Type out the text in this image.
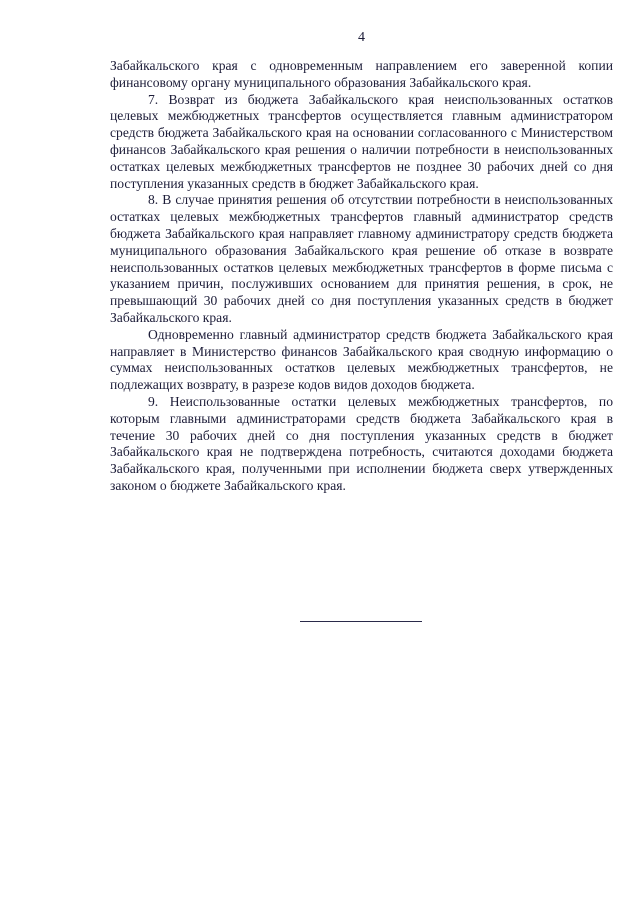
4

Забайкальского края с одновременным направлением его заверенной копии финансовому органу муниципального образования Забайкальского края.

7. Возврат из бюджета Забайкальского края неиспользованных остатков целевых межбюджетных трансфертов осуществляется главным администратором средств бюджета Забайкальского края на основании согласованного с Министерством финансов Забайкальского края решения о наличии потребности в неиспользованных остатках целевых межбюджетных трансфертов не позднее 30 рабочих дней со дня поступления указанных средств в бюджет Забайкальского края.

8. В случае принятия решения об отсутствии потребности в неиспользованных остатках целевых межбюджетных трансфертов главный администратор средств бюджета Забайкальского края направляет главному администратору средств бюджета муниципального образования Забайкальского края решение об отказе в возврате неиспользованных остатков целевых межбюджетных трансфертов в форме письма с указанием причин, послуживших основанием для принятия решения, в срок, не превышающий 30 рабочих дней со дня поступления указанных средств в бюджет Забайкальского края.

Одновременно главный администратор средств бюджета Забайкальского края направляет в Министерство финансов Забайкальского края сводную информацию о суммах неиспользованных остатков целевых межбюджетных трансфертов, не подлежащих возврату, в разрезе кодов видов доходов бюджета.

9. Неиспользованные остатки целевых межбюджетных трансфертов, по которым главными администраторами средств бюджета Забайкальского края в течение 30 рабочих дней со дня поступления указанных средств в бюджет Забайкальского края не подтверждена потребность, считаются доходами бюджета Забайкальского края, полученными при исполнении бюджета сверх утвержденных законом о бюджете Забайкальского края.
